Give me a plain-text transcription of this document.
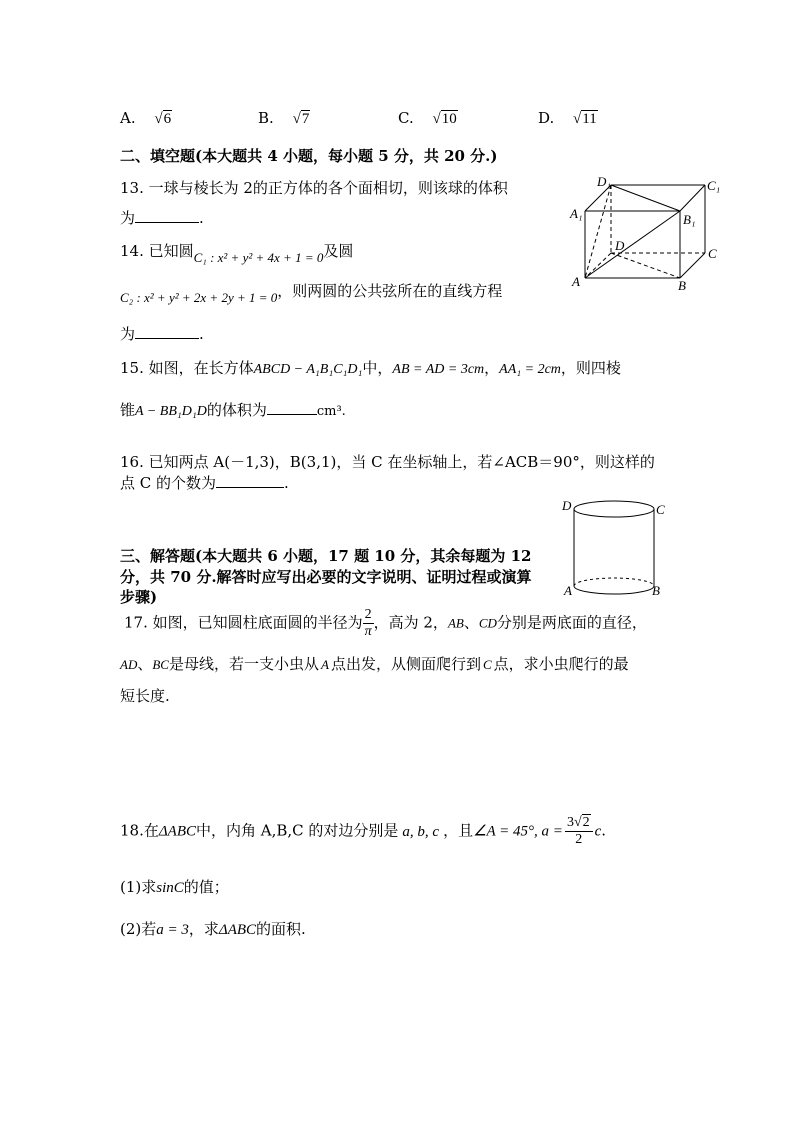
A. √6	B. √7	C. √10	D. √11
二、填空题(本大题共 4 小题，每小题 5 分，共 20 分.)
13. 一球与棱长为 2的正方体的各个面相切，则该球的体积
为	.
14. 已知圆C₁ : x² + y² + 4x + 1 = 0及圆
C₂ : x² + y² + 2x + 2y + 1 = 0，则两圆的公共弦所在的直线方程
为	.
15. 如图，在长方体ABCD − A₁B₁C₁D₁中，AB = AD = 3cm，AA₁ = 2cm，则四棱
锥A − BB₁D₁D的体积为	cm³.
16. 已知两点 A(－1,3)，B(3,1)，当 C 在坐标轴上，若∠ACB＝90°，则这样的
点 C 的个数为	.
三、解答题(本大题共 6 小题，17 题 10 分，其余每题为 12
分，共 70 分.解答时应写出必要的文字说明、证明过程或演算
步骤)
17. 如图，已知圆柱底面圆的半径为 $\frac{2}{\pi}$ ，高为 2，AB、CD分别是两底面的直径，
AD、BC是母线，若一支小虫从 A 点出发，从侧面爬行到 C 点，求小虫爬行的最
短长度.
18.在ΔABC中，内角 A,B,C 的对边分别是 a, b, c ，且∠A = 45°, $a = \frac{3√2}{2} c$.
(1)求sinC的值；
(2)若a = 3，求ΔABC的面积.
D₁	C₁
A₁	B₁
D
C
A	B
D	C
A	B
